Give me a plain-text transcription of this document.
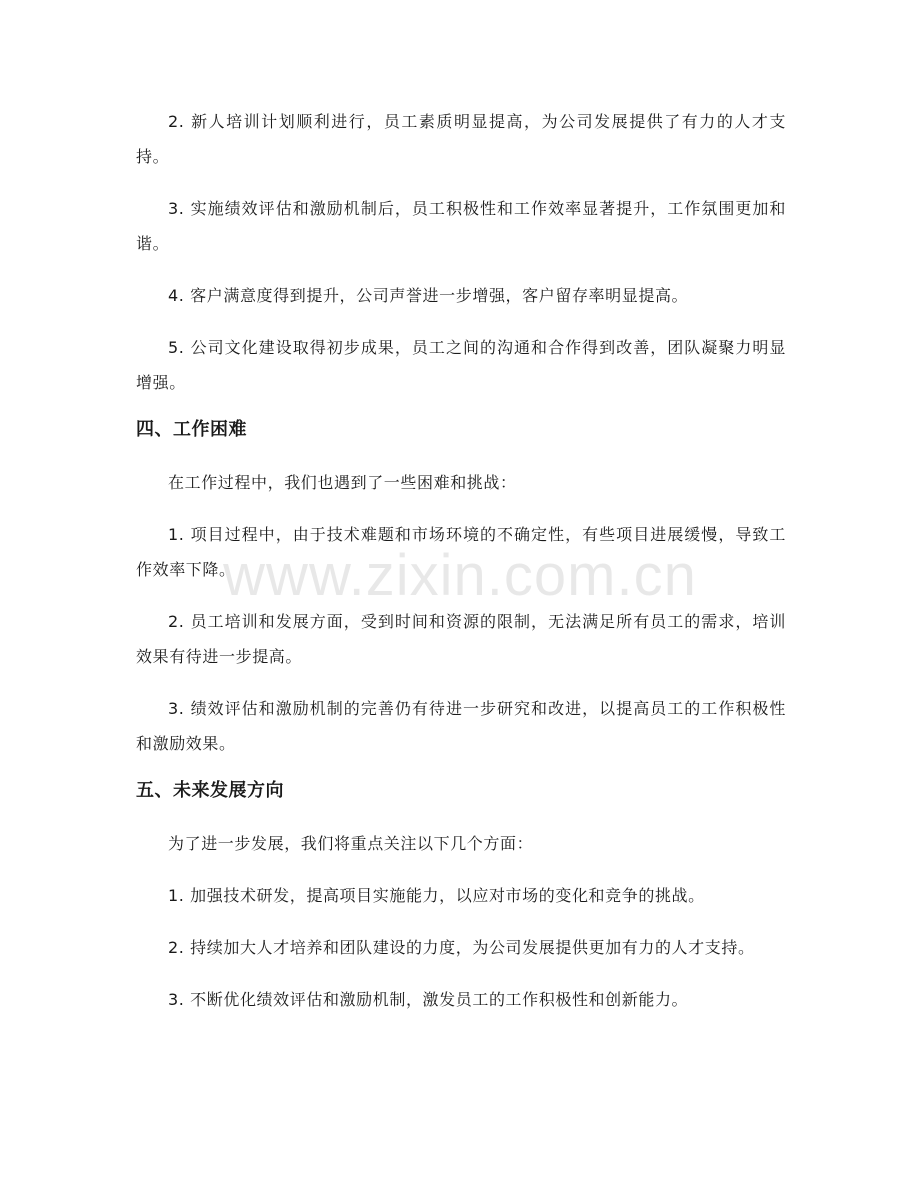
2. 新人培训计划顺利进行，员工素质明显提高，为公司发展提供了有力的人才支持。

3. 实施绩效评估和激励机制后，员工积极性和工作效率显著提升，工作氛围更加和谐。

4. 客户满意度得到提升，公司声誉进一步增强，客户留存率明显提高。

5. 公司文化建设取得初步成果，员工之间的沟通和合作得到改善，团队凝聚力明显增强。

四、工作困难

在工作过程中，我们也遇到了一些困难和挑战：

1. 项目过程中，由于技术难题和市场环境的不确定性，有些项目进展缓慢，导致工作效率下降。

2. 员工培训和发展方面，受到时间和资源的限制，无法满足所有员工的需求，培训效果有待进一步提高。

3. 绩效评估和激励机制的完善仍有待进一步研究和改进，以提高员工的工作积极性和激励效果。

五、未来发展方向

为了进一步发展，我们将重点关注以下几个方面：

1. 加强技术研发，提高项目实施能力，以应对市场的变化和竞争的挑战。

2. 持续加大人才培养和团队建设的力度，为公司发展提供更加有力的人才支持。

3. 不断优化绩效评估和激励机制，激发员工的工作积极性和创新能力。

www.zixin.com.cn
